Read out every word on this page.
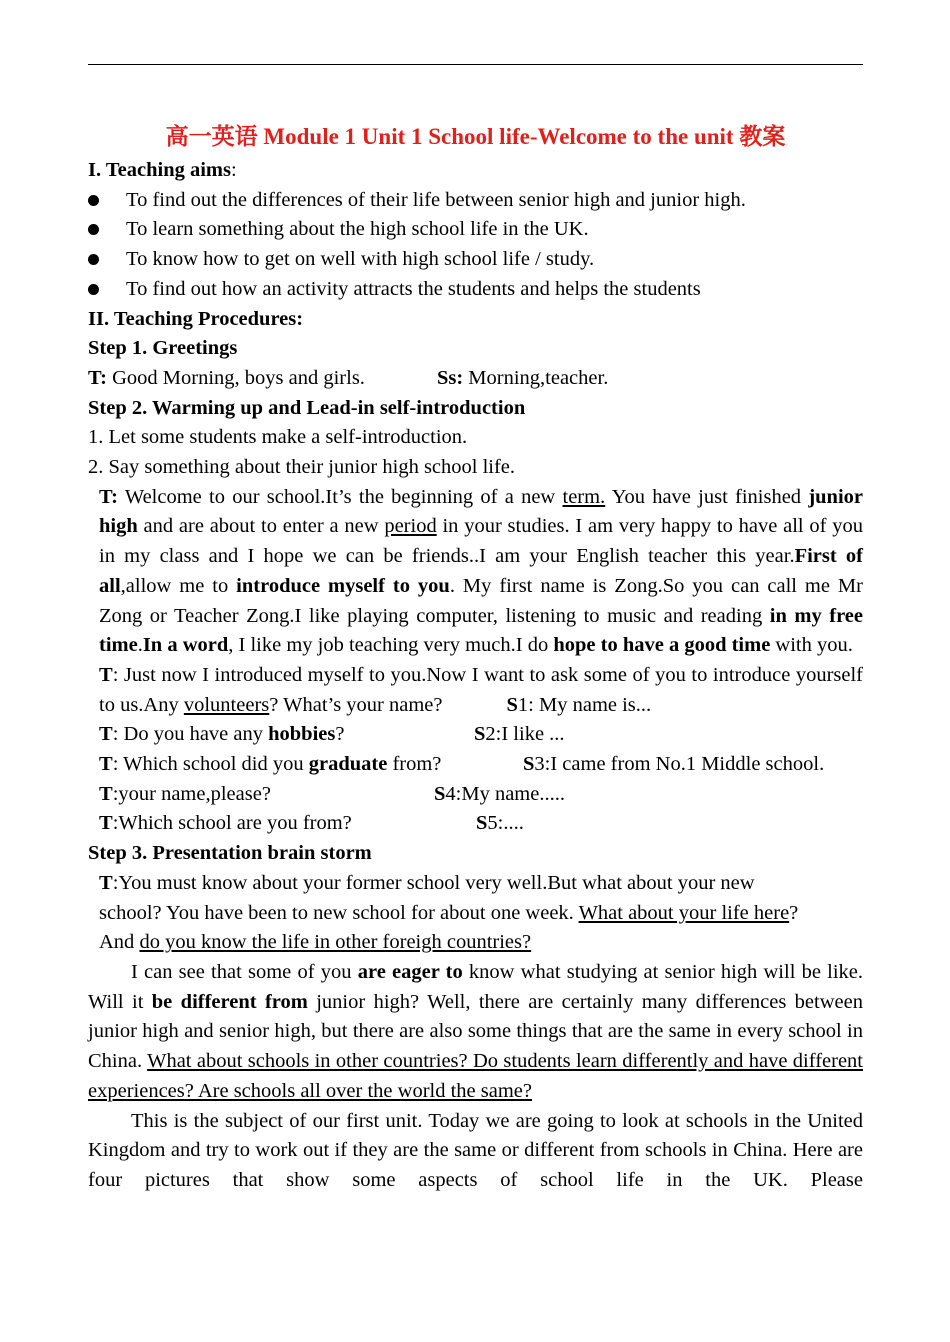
高一英语 Module 1 Unit 1 School life-Welcome to the unit 教案

I. Teaching aims:

To find out the differences of their life between senior high and junior high.

To learn something about the high school life in the UK.

To know how to get on well with high school life / study.

To find out how an activity attracts the students and helps the students

II. Teaching Procedures:

Step 1. Greetings

T: Good Morning, boys and girls.	Ss: Morning,teacher.

Step 2. Warming up and Lead-in self-introduction

1. Let some students make a self-introduction.

2. Say something about their junior high school life.

T: Welcome to our school.It’s the beginning of a new term. You have just finished junior high and are about to enter a new period in your studies. I am very happy to have all of you in my class and I hope we can be friends..I am your English teacher this year.First of all,allow me to introduce myself to you. My first name is Zong.So you can call me Mr Zong or Teacher Zong.I like playing computer, listening to music and reading in my free time.In a word, I like my job teaching very much.I do hope to have a good time with you.

T: Just now I introduced myself to you.Now I want to ask some of you to introduce yourself to us.Any volunteers? What’s your name?	S1: My name is...

T: Do you have any hobbies?	S2:I like ...

T: Which school did you graduate from?	S3:I came from No.1 Middle school.

T:your name,please?	S4:My name.....

T:Which school are you from?	S5:....

Step 3. Presentation brain storm

T:You must know about your former school very well.But what about your new school? You have been to new school for about one week. What about your life here? And do you know the life in other foreigh countries?

I can see that some of you are eager to know what studying at senior high will be like. Will it be different from junior high? Well, there are certainly many differences between junior high and senior high, but there are also some things that are the same in every school in China. What about schools in other countries? Do students learn differently and have different experiences? Are schools all over the world the same?

This is the subject of our first unit. Today we are going to look at schools in the United Kingdom and try to work out if they are the same or different from schools in China. Here are four pictures that show some aspects of school life in the UK. Please
